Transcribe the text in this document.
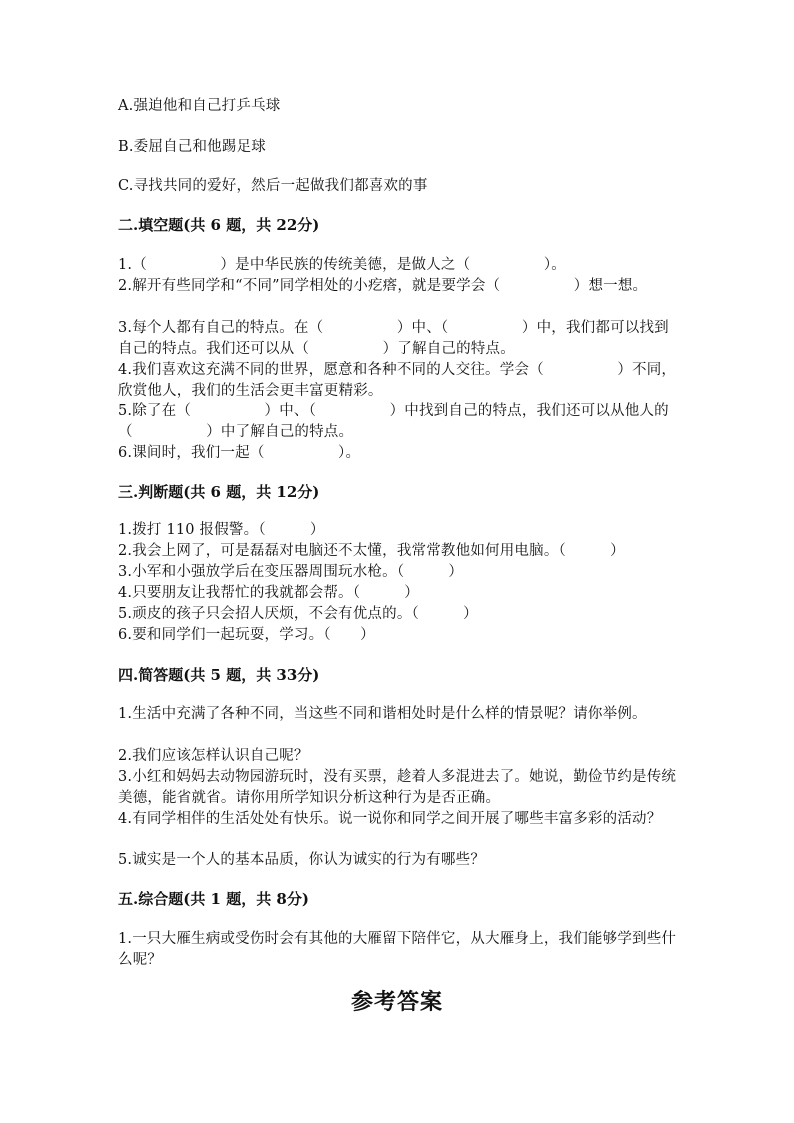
A.强迫他和自己打乒乓球

B.委屈自己和他踢足球

C.寻找共同的爱好，然后一起做我们都喜欢的事

二.填空题(共 6 题，共 22分)

1.（　　　　　）是中华民族的传统美德，是做人之（　　　　　）。

2.解开有些同学和“不同”同学相处的小疙瘩，就是要学会（　　　　　）想一想。

3.每个人都有自己的特点。在（　　　　　）中、（　　　　　）中，我们都可以找到自己的特点。我们还可以从（　　　　　）了解自己的特点。

4.我们喜欢这充满不同的世界，愿意和各种不同的人交往。学会（　　　　　）不同，欣赏他人，我们的生活会更丰富更精彩。

5.除了在（　　　　　）中、（　　　　　）中找到自己的特点，我们还可以从他人的（　　　　　）中了解自己的特点。

6.课间时，我们一起（　　　　　）。

三.判断题(共 6 题，共 12分)

1.拨打 110 报假警。（　　　）

2.我会上网了，可是磊磊对电脑还不太懂，我常常教他如何用电脑。（　　　）

3.小军和小强放学后在变压器周围玩水枪。（　　　）

4.只要朋友让我帮忙的我就都会帮。（　　　）

5.顽皮的孩子只会招人厌烦，不会有优点的。（　　　）

6.要和同学们一起玩耍，学习。（　　）

四.简答题(共 5 题，共 33分)

1.生活中充满了各种不同，当这些不同和谐相处时是什么样的情景呢？请你举例。

2.我们应该怎样认识自己呢？

3.小红和妈妈去动物园游玩时，没有买票，趁着人多混进去了。她说，勤俭节约是传统美德，能省就省。请你用所学知识分析这种行为是否正确。

4.有同学相伴的生活处处有快乐。说一说你和同学之间开展了哪些丰富多彩的活动？

5.诚实是一个人的基本品质，你认为诚实的行为有哪些？

五.综合题(共 1 题，共 8分)

1.一只大雁生病或受伤时会有其他的大雁留下陪伴它，从大雁身上，我们能够学到些什么呢？

参考答案
